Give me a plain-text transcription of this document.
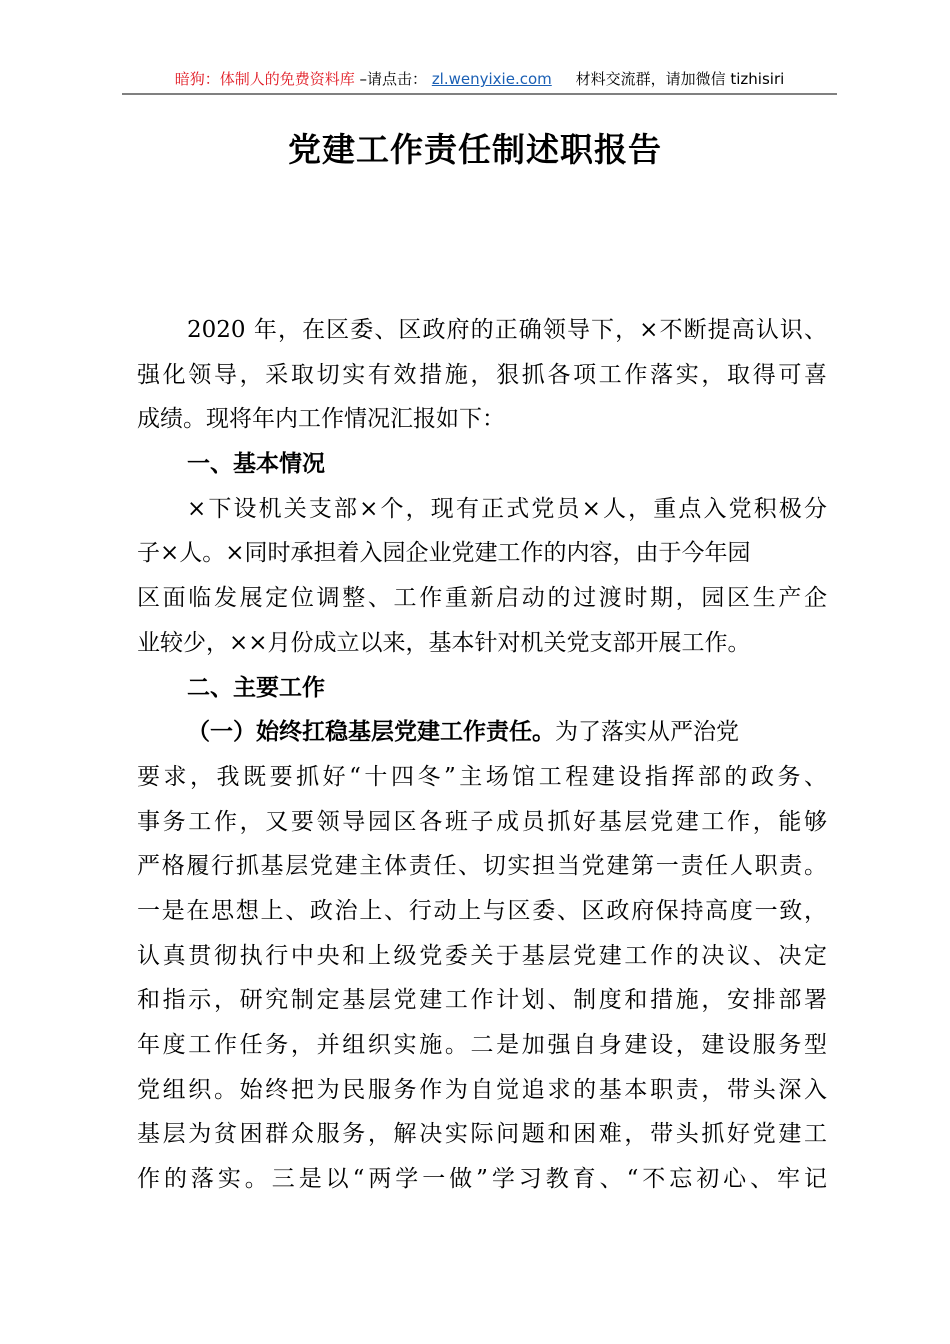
暗狗：体制人的免费资料库 –请点击： zl.wenyixie.com 材料交流群，请加微信 tizhisiri
党建工作责任制述职报告
2020 年，在区委、区政府的正确领导下，×不断提高认识、
强化领导，采取切实有效措施，狠抓各项工作落实，取得可喜
成绩。现将年内工作情况汇报如下：
一、基本情况
×下设机关支部×个，现有正式党员×人，重点入党积极分
子×人。×同时承担着入园企业党建工作的内容，由于今年园
区面临发展定位调整、工作重新启动的过渡时期，园区生产企
业较少，××月份成立以来，基本针对机关党支部开展工作。
二、主要工作
（一）始终扛稳基层党建工作责任。为了落实从严治党
要求，我既要抓好“十四冬”主场馆工程建设指挥部的政务、
事务工作，又要领导园区各班子成员抓好基层党建工作，能够
严格履行抓基层党建主体责任、切实担当党建第一责任人职责。
一是在思想上、政治上、行动上与区委、区政府保持高度一致，
认真贯彻执行中央和上级党委关于基层党建工作的决议、决定
和指示，研究制定基层党建工作计划、制度和措施，安排部署
年度工作任务，并组织实施。二是加强自身建设，建设服务型
党组织。始终把为民服务作为自觉追求的基本职责，带头深入
基层为贫困群众服务，解决实际问题和困难，带头抓好党建工
作的落实。三是以“两学一做”学习教育、“不忘初心、牢记
